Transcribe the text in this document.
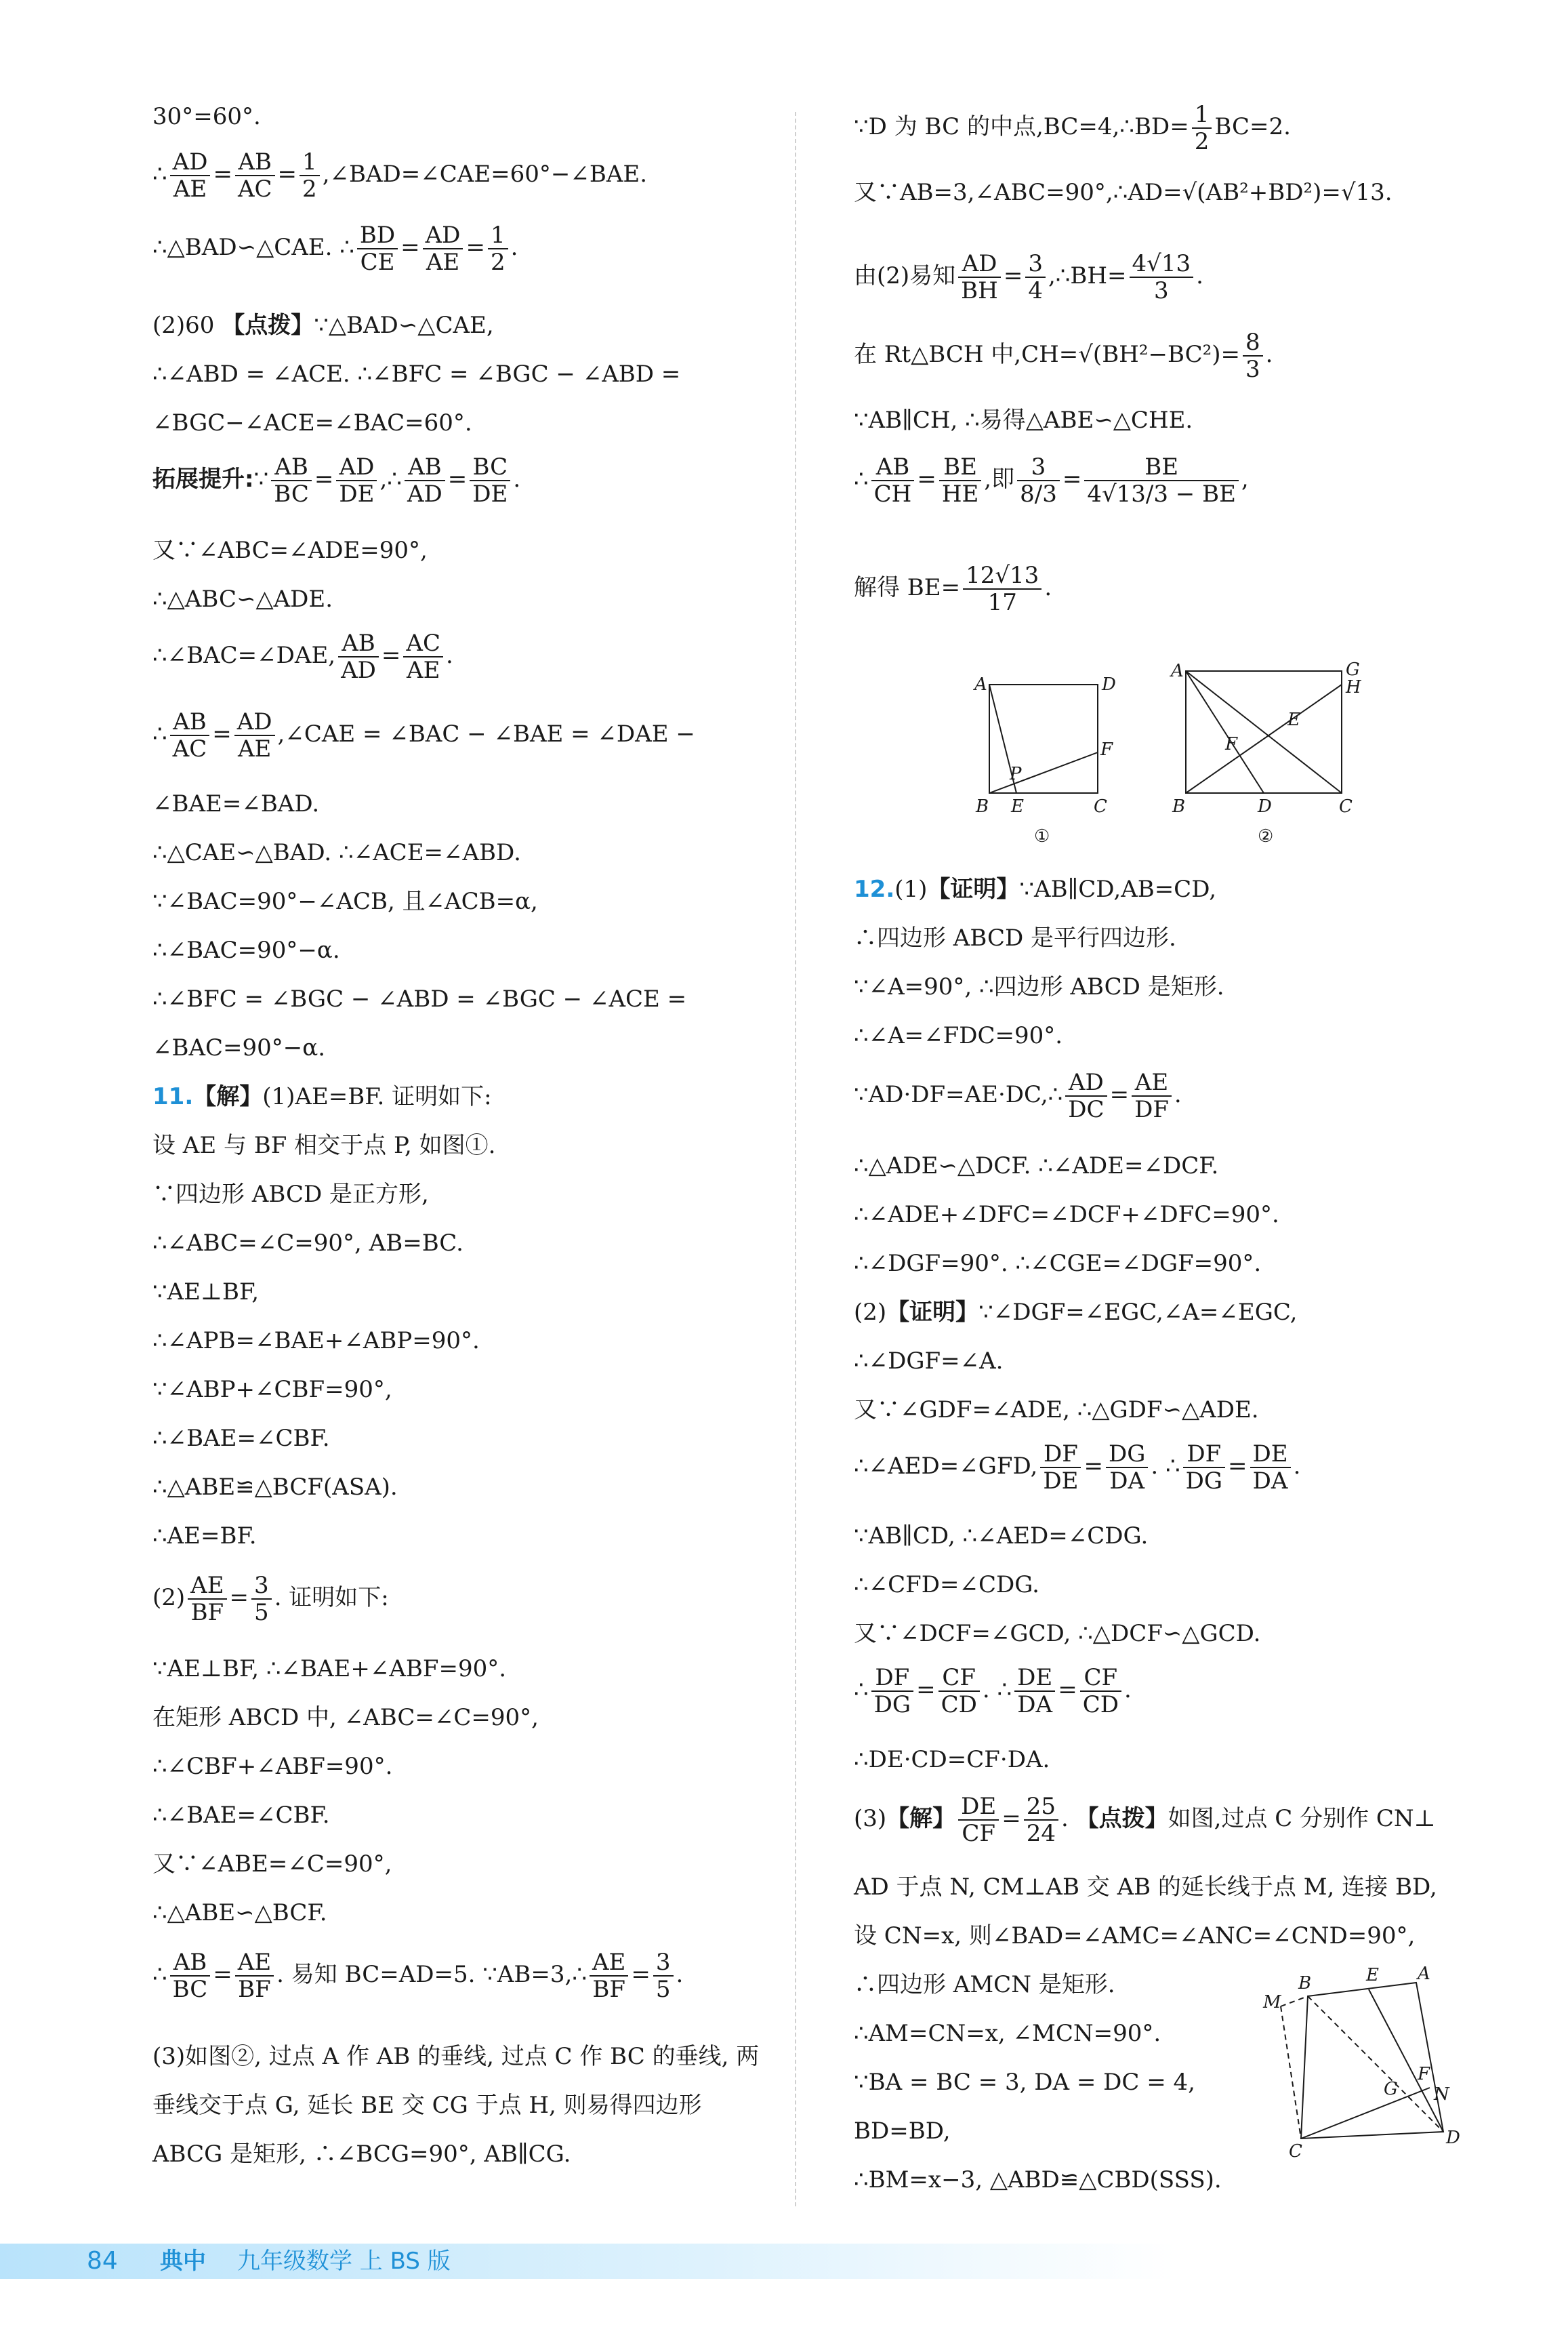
30°=60°.
∴ $\frac{AD}{AE} = \frac{AB}{AC} = \frac{1}{2}$ ,∠BAD=∠CAE=60°−∠BAE.
∴△BAD∽△CAE. ∴ $\frac{BD}{CE} = \frac{AD}{AE} = \frac{1}{2}$ .
(2)60 【点拨】∵△BAD∽△CAE,
∴∠ABD = ∠ACE. ∴∠BFC = ∠BGC − ∠ABD =
∠BGC−∠ACE=∠BAC=60°.
拓展提升:∵ $\frac{AB}{BC} = \frac{AD}{DE}$ ,∴ $\frac{AB}{AD} = \frac{BC}{DE}$ .
又∵∠ABC=∠ADE=90°,
∴△ABC∽△ADE.
∴∠BAC=∠DAE, $\frac{AB}{AD} = \frac{AC}{AE}$ .
∴ $\frac{AB}{AC} = \frac{AD}{AE}$ ,∠CAE = ∠BAC − ∠BAE = ∠DAE −
∠BAE=∠BAD.
∴△CAE∽△BAD. ∴∠ACE=∠ABD.
∵∠BAC=90°−∠ACB, 且∠ACB=α,
∴∠BAC=90°−α.
∴∠BFC = ∠BGC − ∠ABD = ∠BGC − ∠ACE =
∠BAC=90°−α.
11.【解】(1)AE=BF. 证明如下:
设 AE 与 BF 相交于点 P, 如图①.
∵四边形 ABCD 是正方形,
∴∠ABC=∠C=90°, AB=BC.
∵AE⊥BF,
∴∠APB=∠BAE+∠ABP=90°.
∵∠ABP+∠CBF=90°,
∴∠BAE=∠CBF.
∴△ABE≌△BCF(ASA).
∴AE=BF.
$(2) \frac{AE}{BF} = \frac{3}{5}$ . 证明如下:
∵AE⊥BF, ∴∠BAE+∠ABF=90°.
在矩形 ABCD 中, ∠ABC=∠C=90°,
∴∠CBF+∠ABF=90°.
∴∠BAE=∠CBF.
又∵∠ABE=∠C=90°,
∴△ABE∽△BCF.
∴ $\frac{AB}{BC} = \frac{AE}{BF}$ . 易知 BC=AD=5. ∵AB=3,∴ $\frac{AE}{BF} = \frac{3}{5}$ .
(3)如图②, 过点 A 作 AB 的垂线, 过点 C 作 BC 的垂线, 两
垂线交于点 G, 延长 BE 交 CG 于点 H, 则易得四边形
ABCG 是矩形, ∴∠BCG=90°, AB∥CG.
∵D 为 BC 的中点,BC=4,∴BD= $\frac{1}{2} BC=2$.
又∵AB=3,∠ABC=90°,∴AD=√(AB²+BD²)=√13.
由(2)易知 $\frac{AD}{BH} = \frac{3}{4}$ ,∴BH= $\frac{4√13}{3}$ .
在 Rt△BCH 中$,CH=√(BH^2-BC^2)= \frac{8}{3}$ .
∵AB∥CH, ∴易得△ABE∽△CHE.
∴ $\frac{AB}{CH} = \frac{BE}{HE}$ ,即 $\frac{3}{8/3} = \frac{BE}{4√13/3 - BE}$ ,
解得 $BE= \frac{12√13}{17}$ .
A	D
B E	C
F
P
①
A	G
H
E
F
B	D	C
②
12.(1)【证明】∵AB∥CD,AB=CD,
∴四边形 ABCD 是平行四边形.
∵∠A=90°, ∴四边形 ABCD 是矩形.
∴∠A=∠FDC=90°.
∵AD·DF=AE·DC,∴ $\frac{AD}{DC} = \frac{AE}{DF}$ .
∴△ADE∽△DCF. ∴∠ADE=∠DCF.
∴∠ADE+∠DFC=∠DCF+∠DFC=90°.
∴∠DGF=90°. ∴∠CGE=∠DGF=90°.
(2)【证明】∵∠DGF=∠EGC,∠A=∠EGC,
∴∠DGF=∠A.
又∵∠GDF=∠ADE, ∴△GDF∽△ADE.
∴∠AED=∠GFD, $\frac{DF}{DE} = \frac{DG}{DA}$ . ∴ $\frac{DF}{DG} = \frac{DE}{DA}$ .
∵AB∥CD, ∴∠AED=∠CDG.
∴∠CFD=∠CDG.
又∵∠DCF=∠GCD, ∴△DCF∽△GCD.
∴ $\frac{DF}{DG} = \frac{CF}{CD}$ . ∴ $\frac{DE}{DA} = \frac{CF}{CD}$ .
∴DE·CD=CF·DA.
(3)【解】 $\frac{DE}{CF} = \frac{25}{24}$ . 【点拨】如图,过点 C 分别作 CN⊥
AD 于点 N, CM⊥AB 交 AB 的延长线于点 M, 连接 BD,
设 CN=x, 则∠BAD=∠AMC=∠ANC=∠CND=90°,
∴四边形 AMCN 是矩形.
∴AM=CN=x, ∠MCN=90°.
∵BA = BC = 3, DA = DC = 4,
BD=BD,
∴BM=x−3, △ABD≌△CBD(SSS).
B	E A
M
F
G N
C
D
84 典中 九年级数学 上 BS 版
